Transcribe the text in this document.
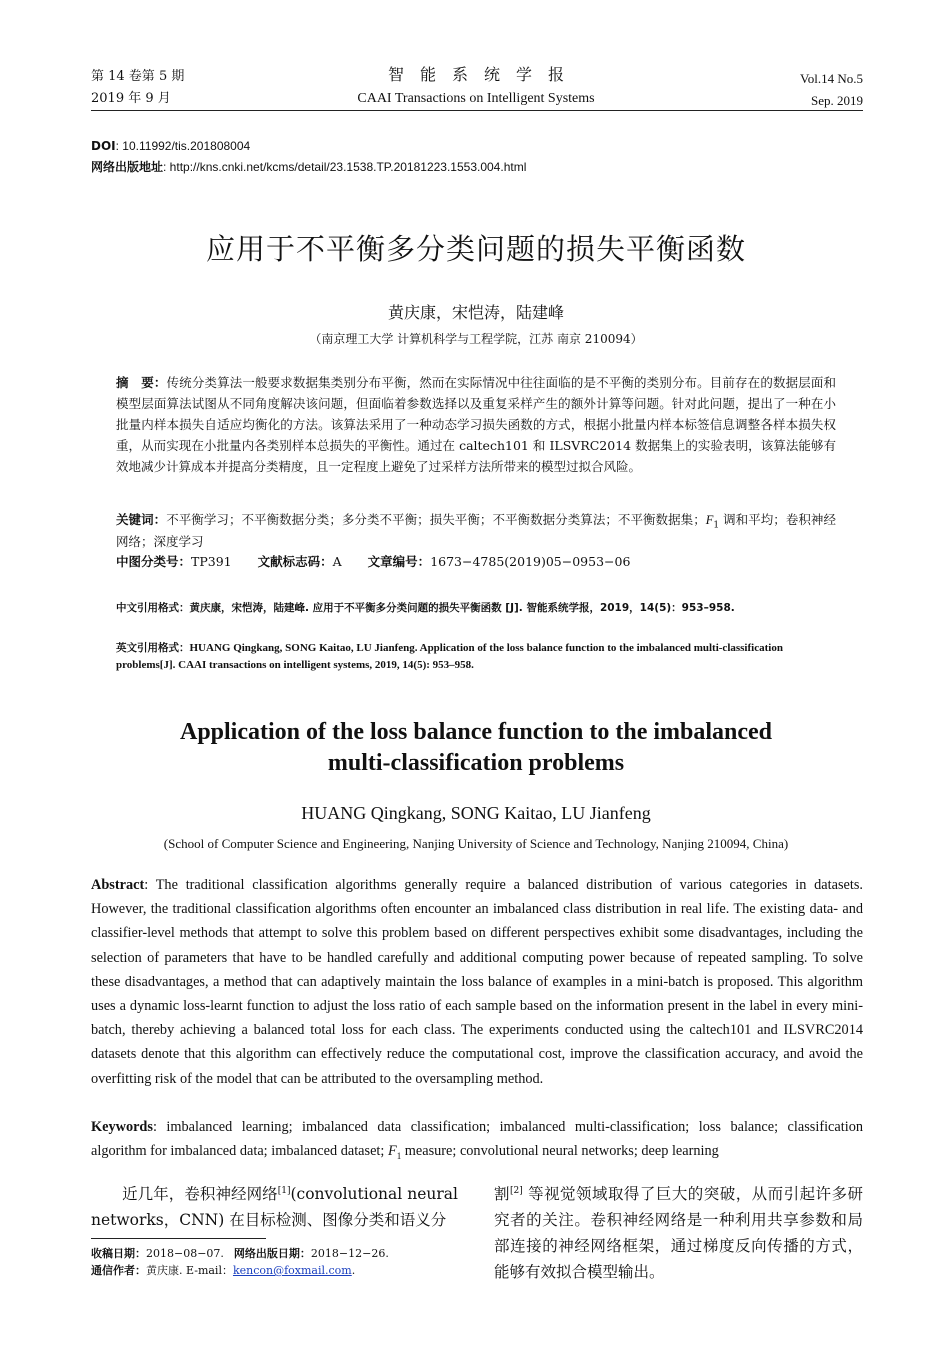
第 14 卷第 5 期
2019 年 9 月
智　能　系　统　学　报
CAAI Transactions on Intelligent Systems
Vol.14 No.5
Sep. 2019
DOI: 10.11992/tis.201808004
网络出版地址: http://kns.cnki.net/kcms/detail/23.1538.TP.20181223.1553.004.html
应用于不平衡多分类问题的损失平衡函数
黄庆康，宋恺涛，陆建峰
（南京理工大学 计算机科学与工程学院，江苏 南京 210094）
摘　要：传统分类算法一般要求数据集类别分布平衡，然而在实际情况中往往面临的是不平衡的类别分布。目前存在的数据层面和模型层面算法试图从不同角度解决该问题，但面临着参数选择以及重复采样产生的额外计算等问题。针对此问题，提出了一种在小批量内样本损失自适应均衡化的方法。该算法采用了一种动态学习损失函数的方式，根据小批量内样本标签信息调整各样本损失权重，从而实现在小批量内各类别样本总损失的平衡性。通过在 caltech101 和 ILSVRC2014 数据集上的实验表明，该算法能够有效地减少计算成本并提高分类精度，且一定程度上避免了过采样方法所带来的模型过拟合风险。
关键词：不平衡学习；不平衡数据分类；多分类不平衡；损失平衡；不平衡数据分类算法；不平衡数据集；$F_1$ 调和平均；卷积神经网络；深度学习
中图分类号：TP391 文献标志码：A 文章编号：1673−4785(2019)05−0953−06
中文引用格式：黄庆康，宋恺涛，陆建峰. 应用于不平衡多分类问题的损失平衡函数 [J]. 智能系统学报，2019，14(5)：953–958.
英文引用格式：HUANG Qingkang, SONG Kaitao, LU Jianfeng. Application of the loss balance function to the imbalanced multi-classification problems[J]. CAAI transactions on intelligent systems, 2019, 14(5): 953–958.
Application of the loss balance function to the imbalanced
multi-classification problems
HUANG Qingkang, SONG Kaitao, LU Jianfeng
(School of Computer Science and Engineering, Nanjing University of Science and Technology, Nanjing 210094, China)
Abstract: The traditional classification algorithms generally require a balanced distribution of various categories in datasets. However, the traditional classification algorithms often encounter an imbalanced class distribution in real life. The existing data- and classifier-level methods that attempt to solve this problem based on different perspectives exhibit some disadvantages, including the selection of parameters that have to be handled carefully and additional computing power because of repeated sampling. To solve these disadvantages, a method that can adaptively maintain the loss balance of examples in a mini-batch is proposed. This algorithm uses a dynamic loss-learnt function to adjust the loss ratio of each sample based on the information present in the label in every mini-batch, thereby achieving a balanced total loss for each class. The experiments conducted using the caltech101 and ILSVRC2014 datasets denote that this algorithm can effectively reduce the computational cost, improve the classification accuracy, and avoid the overfitting risk of the model that can be attributed to the oversampling method.
Keywords: imbalanced learning; imbalanced data classification; imbalanced multi-classification; loss balance; classification algorithm for imbalanced data; imbalanced dataset; $F_1$ measure; convolutional neural networks; deep learning
近几年，卷积神经网络[1](convolutional neural networks，CNN) 在目标检测、图像分类和语义分
割[2] 等视觉领域取得了巨大的突破，从而引起许多研究者的关注。卷积神经网络是一种利用共享参数和局部连接的神经网络框架，通过梯度反向传播的方式，能够有效拟合模型输出。
收稿日期：2018−08−07. 网络出版日期：2018−12−26.
通信作者：黄庆康. E-mail：kencon@foxmail.com.
